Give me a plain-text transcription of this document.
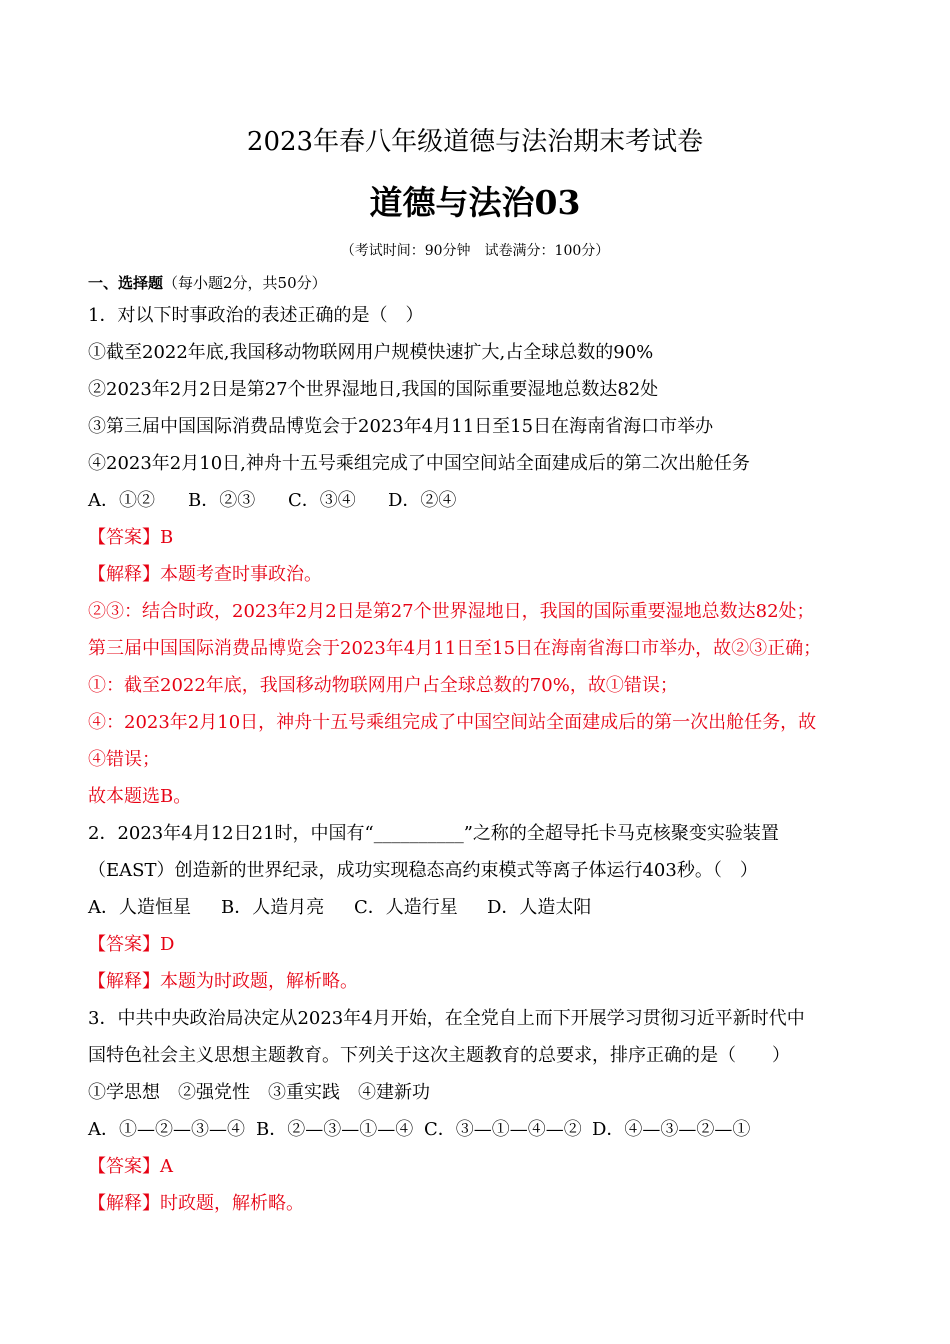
2023年春八年级道德与法治期末考试卷
道德与法治03
（考试时间：90分钟　试卷满分：100分）
一、选择题（每小题2分，共50分）
1．对以下时事政治的表述正确的是（　）
①截至2022年底,我国移动物联网用户规模快速扩大,占全球总数的90%
②2023年2月2日是第27个世界湿地日,我国的国际重要湿地总数达82处
③第三届中国国际消费品博览会于2023年4月11日至15日在海南省海口市举办
④2023年2月10日,神舟十五号乘组完成了中国空间站全面建成后的第二次出舱任务
A．①② B．②③ C．③④ D．②④
【答案】B
【解释】本题考查时事政治。
②③：结合时政，2023年2月2日是第27个世界湿地日，我国的国际重要湿地总数达82处；
第三届中国国际消费品博览会于2023年4月11日至15日在海南省海口市举办，故②③正确；
①：截至2022年底，我国移动物联网用户占全球总数的70%，故①错误；
④：2023年2月10日，神舟十五号乘组完成了中国空间站全面建成后的第一次出舱任务，故
④错误；
故本题选B。
2．2023年4月12日21时，中国有“__________”之称的全超导托卡马克核聚变实验装置
（EAST）创造新的世界纪录，成功实现稳态高约束模式等离子体运行403秒。（　）
A．人造恒星 B．人造月亮 C．人造行星 D．人造太阳
【答案】D
【解释】本题为时政题，解析略。
3．中共中央政治局决定从2023年4月开始，在全党自上而下开展学习贯彻习近平新时代中
国特色社会主义思想主题教育。下列关于这次主题教育的总要求，排序正确的是（　　）
①学思想　②强党性　③重实践　④建新功
A．①—②—③—④ B．②—③—①—④ C．③—①—④—② D．④—③—②—①
【答案】A
【解释】时政题，解析略。
